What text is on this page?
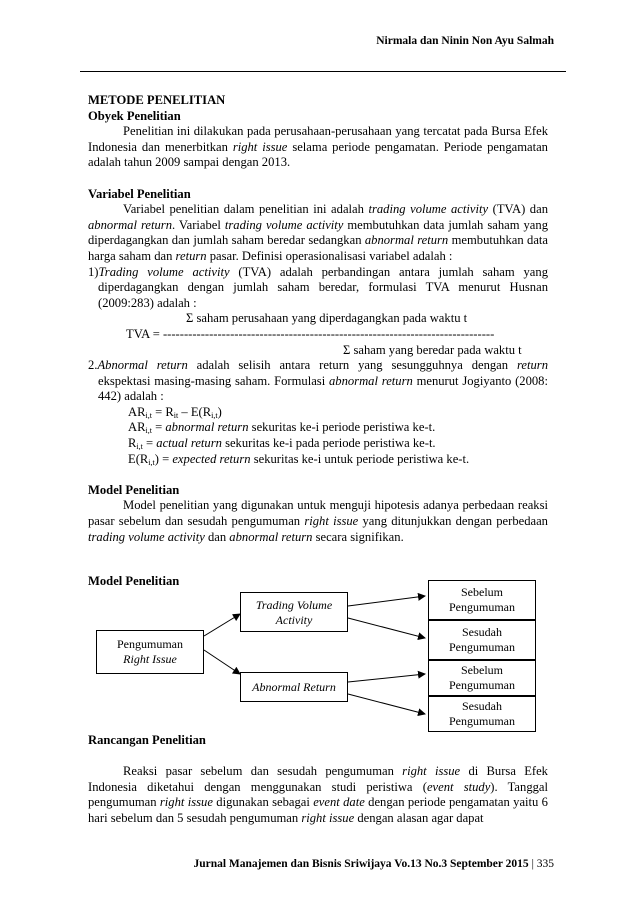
Nirmala dan Ninin Non Ayu Salmah
METODE PENELITIAN
Obyek Penelitian

Penelitian ini dilakukan pada perusahaan-perusahaan yang tercatat pada Bursa Efek Indonesia dan menerbitkan right issue selama periode pengamatan. Periode pengamatan adalah tahun 2009 sampai dengan 2013.

Variabel Penelitian

Variabel penelitian dalam penelitian ini adalah trading volume activity (TVA) dan abnormal return. Variabel trading volume activity membutuhkan data jumlah saham yang diperdagangkan dan jumlah saham beredar sedangkan abnormal return membutuhkan data harga saham dan return pasar. Definisi operasionalisasi variabel adalah :

1)Trading volume activity (TVA) adalah perbandingan antara jumlah saham yang diperdagangkan dengan jumlah saham beredar, formulasi TVA menurut Husnan (2009:283) adalah :

Σ saham perusahaan yang diperdagangkan pada waktu t
TVA = -------------------------------------------------------------------------------
Σ saham yang beredar pada waktu t

2.Abnormal return adalah selisih antara return yang sesungguhnya dengan return ekspektasi masing-masing saham. Formulasi abnormal return menurut Jogiyanto (2008: 442) adalah :

$AR_{i,t} = R_{it} - E(R_{i,t})$
$AR_{i,t}$ = abnormal return sekuritas ke-i periode peristiwa ke-t.
$R_{i,t}$ = actual return sekuritas ke-i pada periode peristiwa ke-t.
$E(R_{i,t})$ = expected return sekuritas ke-i untuk periode peristiwa ke-t.
Model Penelitian

Model penelitian yang digunakan untuk menguji hipotesis adanya perbedaan reaksi pasar sebelum dan sesudah pengumuman right issue yang ditunjukkan dengan perbedaan trading volume activity dan abnormal return secara signifikan.

Model Penelitian
Pengumuman
Right Issue
Trading Volume
Activity
Abnormal Return
Sebelum
Pengumuman
Sesudah
Pengumuman
Sebelum
Pengumuman
Sesudah
Pengumuman
Rancangan Penelitian

Reaksi pasar sebelum dan sesudah pengumuman right issue di Bursa Efek Indonesia diketahui dengan menggunakan studi peristiwa (event study). Tanggal pengumuman right issue digunakan sebagai event date dengan periode pengamatan yaitu 6 hari sebelum dan 5 sesudah pengumuman right issue dengan alasan agar dapat

Jurnal Manajemen dan Bisnis Sriwijaya Vo.13 No.3 September 2015 | 335
